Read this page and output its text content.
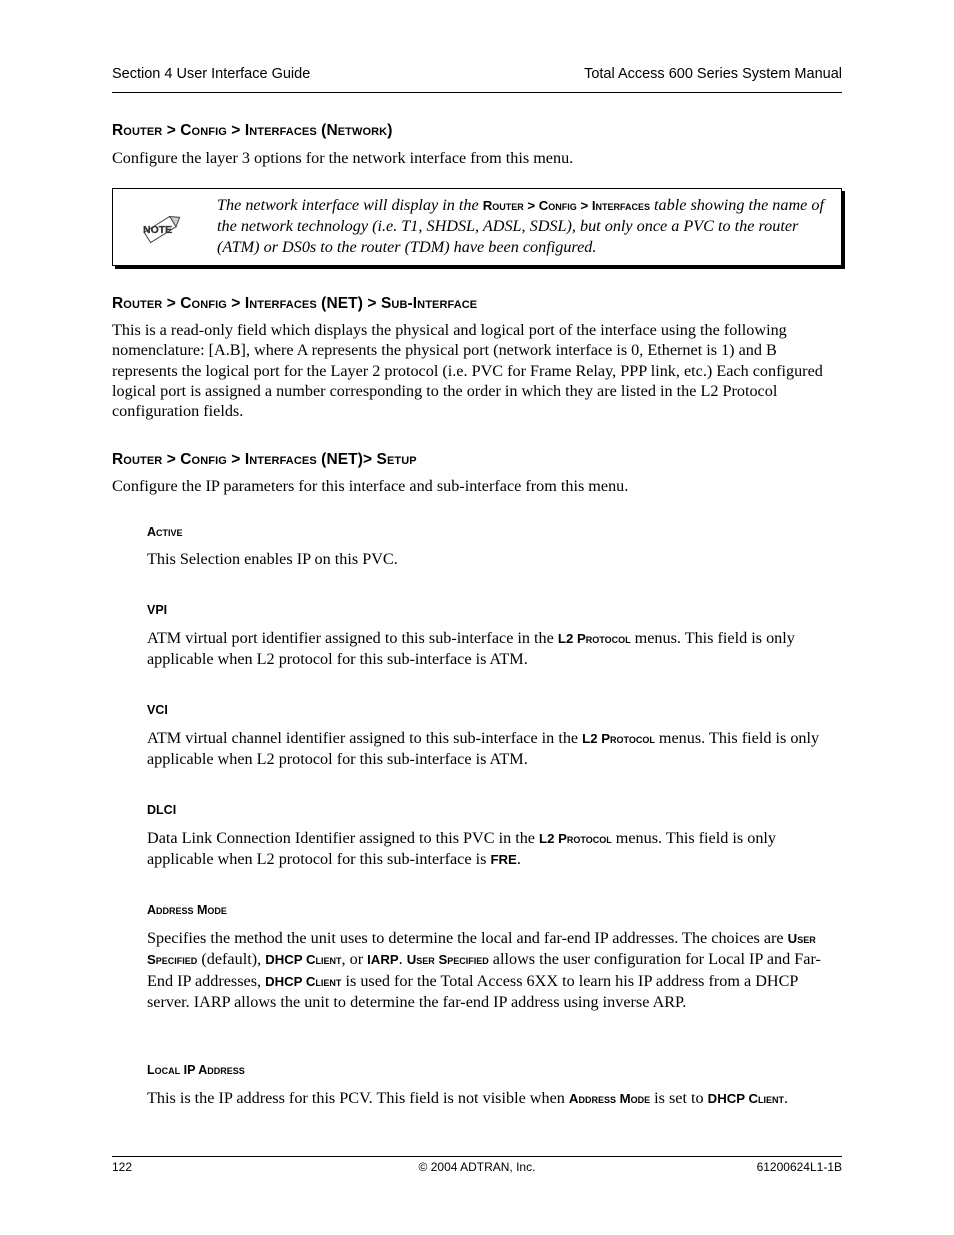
Section 4 User Interface Guide	Total Access 600 Series System Manual
Router > Config > Interfaces (Network)
Configure the layer 3 options for the network interface from this menu.
NOTE
The network interface will display in the Router > Config > Interfaces table showing the name of the network technology (i.e. T1, SHDSL, ADSL, SDSL), but only once a PVC to the router (ATM) or DS0s to the router (TDM) have been configured.
Router > Config > Interfaces (NET) > Sub-Interface
This is a read-only field which displays the physical and logical port of the interface using the following nomenclature: [A.B], where A represents the physical port (network interface is 0, Ethernet is 1) and B represents the logical port for the Layer 2 protocol (i.e. PVC for Frame Relay, PPP link, etc.) Each configured logical port is assigned a number corresponding to the order in which they are listed in the L2 Protocol configuration fields.
Router > Config > Interfaces (NET)> Setup
Configure the IP parameters for this interface and sub-interface from this menu.
Active
This Selection enables IP on this PVC.
VPI
ATM virtual port identifier assigned to this sub-interface in the L2 Protocol menus. This field is only applicable when L2 protocol for this sub-interface is ATM.
VCI
ATM virtual channel identifier assigned to this sub-interface in the L2 Protocol menus. This field is only applicable when L2 protocol for this sub-interface is ATM.
DLCI
Data Link Connection Identifier assigned to this PVC in the L2 Protocol menus. This field is only applicable when L2 protocol for this sub-interface is FRE.
Address Mode
Specifies the method the unit uses to determine the local and far-end IP addresses. The choices are User Specified (default), DHCP Client, or IARP. User Specified allows the user configuration for Local IP and Far-End IP addresses, DHCP Client is used for the Total Access 6XX to learn his IP address from a DHCP server. IARP allows the unit to determine the far-end IP address using inverse ARP.
Local IP Address
This is the IP address for this PCV. This field is not visible when Address Mode is set to DHCP Client.
122	© 2004 ADTRAN, Inc.	61200624L1-1B
